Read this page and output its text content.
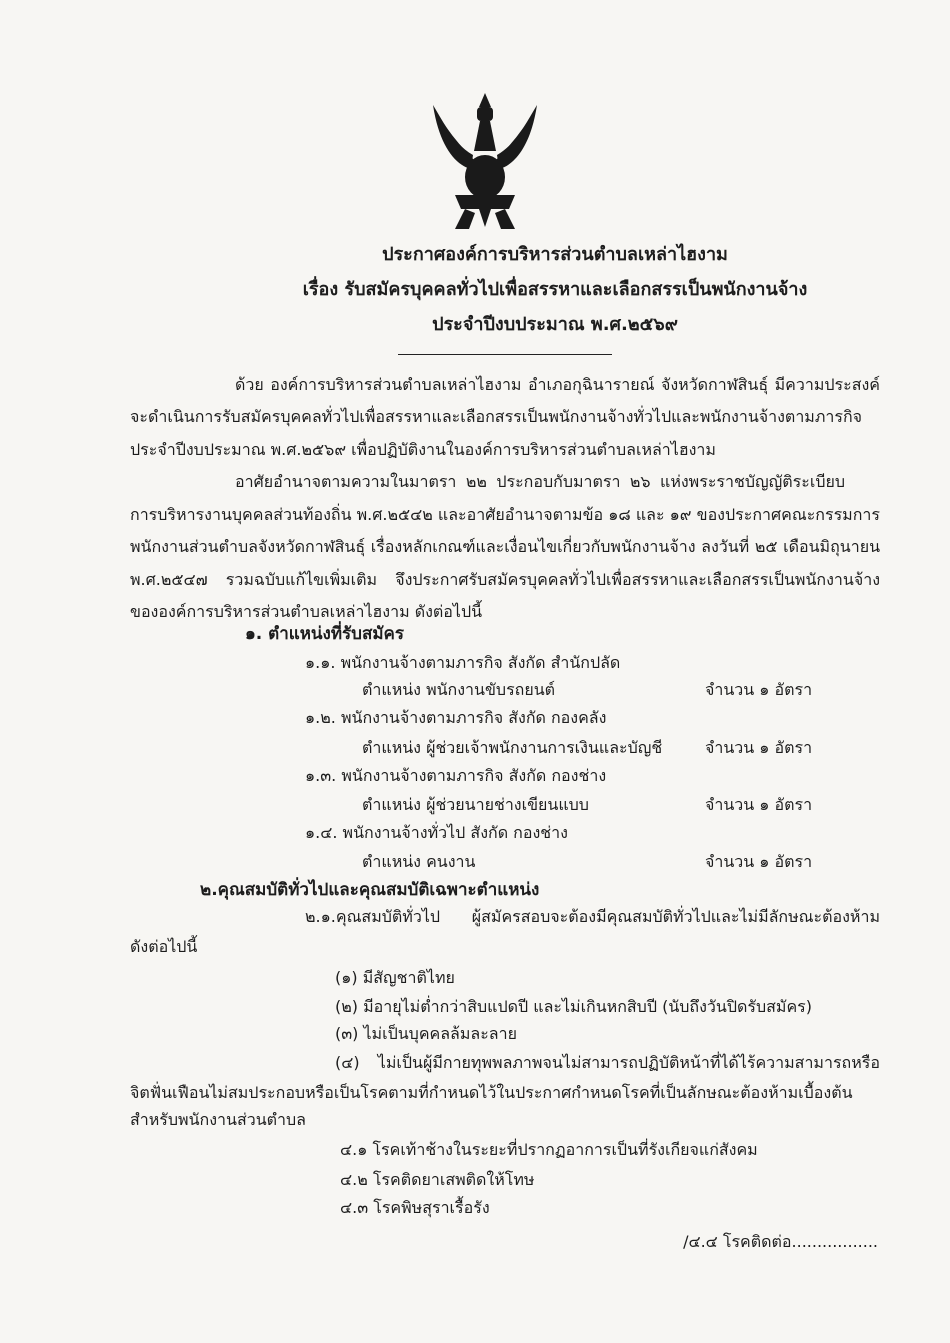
ประกาศองค์การบริหารส่วนตำบลเหล่าไฮงาม
เรื่อง รับสมัครบุคคลทั่วไปเพื่อสรรหาและเลือกสรรเป็นพนักงานจ้าง
ประจำปีงบประมาณ พ.ศ.๒๕๖๙
ด้วย องค์การบริหารส่วนตำบลเหล่าไฮงาม อำเภอกุฉินารายณ์ จังหวัดกาฬสินธุ์ มีความประสงค์
จะดำเนินการรับสมัครบุคคลทั่วไปเพื่อสรรหาและเลือกสรรเป็นพนักงานจ้างทั่วไปและพนักงานจ้างตามภารกิจ
ประจำปีงบประมาณ พ.ศ.๒๕๖๙ เพื่อปฏิบัติงานในองค์การบริหารส่วนตำบลเหล่าไฮงาม
อาศัยอำนาจตามความในมาตรา ๒๒ ประกอบกับมาตรา ๒๖ แห่งพระราชบัญญัติระเบียบ
การบริหารงานบุคคลส่วนท้องถิ่น พ.ศ.๒๕๔๒ และอาศัยอำนาจตามข้อ ๑๘ และ ๑๙ ของประกาศคณะกรรมการ
พนักงานส่วนตำบลจังหวัดกาฬสินธุ์ เรื่องหลักเกณฑ์และเงื่อนไขเกี่ยวกับพนักงานจ้าง ลงวันที่ ๒๕ เดือนมิถุนายน
พ.ศ.๒๕๔๗ รวมฉบับแก้ไขเพิ่มเติม จึงประกาศรับสมัครบุคคลทั่วไปเพื่อสรรหาและเลือกสรรเป็นพนักงานจ้าง
ขององค์การบริหารส่วนตำบลเหล่าไฮงาม ดังต่อไปนี้
๑. ตำแหน่งที่รับสมัคร
๑.๑. พนักงานจ้างตามภารกิจ สังกัด สำนักปลัด
ตำแหน่ง พนักงานขับรถยนต์	จำนวน ๑ อัตรา
๑.๒. พนักงานจ้างตามภารกิจ สังกัด กองคลัง
ตำแหน่ง ผู้ช่วยเจ้าพนักงานการเงินและบัญชี	จำนวน ๑ อัตรา
๑.๓. พนักงานจ้างตามภารกิจ สังกัด กองช่าง
ตำแหน่ง ผู้ช่วยนายช่างเขียนแบบ	จำนวน ๑ อัตรา
๑.๔. พนักงานจ้างทั่วไป สังกัด กองช่าง
ตำแหน่ง คนงาน	จำนวน ๑ อัตรา
๒.คุณสมบัติทั่วไปและคุณสมบัติเฉพาะตำแหน่ง
๒.๑.คุณสมบัติทั่วไป ผู้สมัครสอบจะต้องมีคุณสมบัติทั่วไปและไม่มีลักษณะต้องห้าม
ดังต่อไปนี้
(๑) มีสัญชาติไทย
(๒) มีอายุไม่ต่ำกว่าสิบแปดปี และไม่เกินหกสิบปี (นับถึงวันปิดรับสมัคร)
(๓) ไม่เป็นบุคคลล้มละลาย
(๔) ไม่เป็นผู้มีกายทุพพลภาพจนไม่สามารถปฏิบัติหน้าที่ได้ไร้ความสามารถหรือ
จิตฟั่นเฟือนไม่สมประกอบหรือเป็นโรคตามที่กำหนดไว้ในประกาศกำหนดโรคที่เป็นลักษณะต้องห้ามเบื้องต้น
สำหรับพนักงานส่วนตำบล
๔.๑ โรคเท้าช้างในระยะที่ปรากฏอาการเป็นที่รังเกียจแก่สังคม
๔.๒ โรคติดยาเสพติดให้โทษ
๔.๓ โรคพิษสุราเรื้อรัง
/๔.๔ โรคติดต่อ.................
